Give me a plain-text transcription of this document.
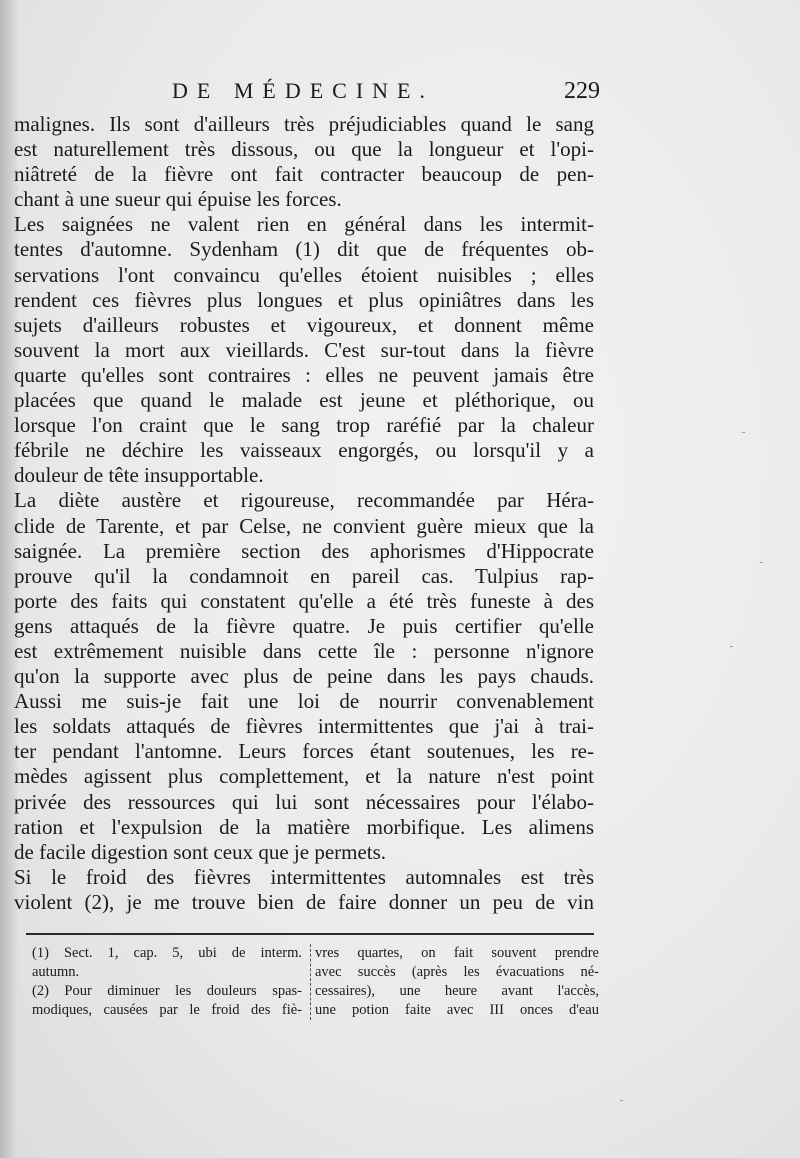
DE MÉDECINE.	229
malignes. Ils sont d'ailleurs très préjudiciables quand le sang
est naturellement très dissous, ou que la longueur et l'opi-
niâtreté de la fièvre ont fait contracter beaucoup de pen-
chant à une sueur qui épuise les forces.
Les saignées ne valent rien en général dans les intermit-
tentes d'automne. Sydenham (1) dit que de fréquentes ob-
servations l'ont convaincu qu'elles étoient nuisibles ; elles
rendent ces fièvres plus longues et plus opiniâtres dans les
sujets d'ailleurs robustes et vigoureux, et donnent même
souvent la mort aux vieillards. C'est sur-tout dans la fièvre
quarte qu'elles sont contraires : elles ne peuvent jamais être
placées que quand le malade est jeune et pléthorique, ou
lorsque l'on craint que le sang trop raréfié par la chaleur
fébrile ne déchire les vaisseaux engorgés, ou lorsqu'il y a
douleur de tête insupportable.
La diète austère et rigoureuse, recommandée par Héra-
clide de Tarente, et par Celse, ne convient guère mieux que la
saignée. La première section des aphorismes d'Hippocrate
prouve qu'il la condamnoit en pareil cas. Tulpius rap-
porte des faits qui constatent qu'elle a été très funeste à des
gens attaqués de la fièvre quatre. Je puis certifier qu'elle
est extrêmement nuisible dans cette île : personne n'ignore
qu'on la supporte avec plus de peine dans les pays chauds.
Aussi me suis-je fait une loi de nourrir convenablement
les soldats attaqués de fièvres intermittentes que j'ai à trai-
ter pendant l'antomne. Leurs forces étant soutenues, les re-
mèdes agissent plus complettement, et la nature n'est point
privée des ressources qui lui sont nécessaires pour l'élabo-
ration et l'expulsion de la matière morbifique. Les alimens
de facile digestion sont ceux que je permets.
Si le froid des fièvres intermittentes automnales est très
violent (2), je me trouve bien de faire donner un peu de vin
(1) Sect. 1, cap. 5, ubi de interm.
autumn.
(2) Pour diminuer les douleurs spas-
modiques, causées par le froid des fiè-
vres quartes, on fait souvent prendre
avec succès (après les évacuations né-
cessaires), une heure avant l'accès,
une potion faite avec III onces d'eau
